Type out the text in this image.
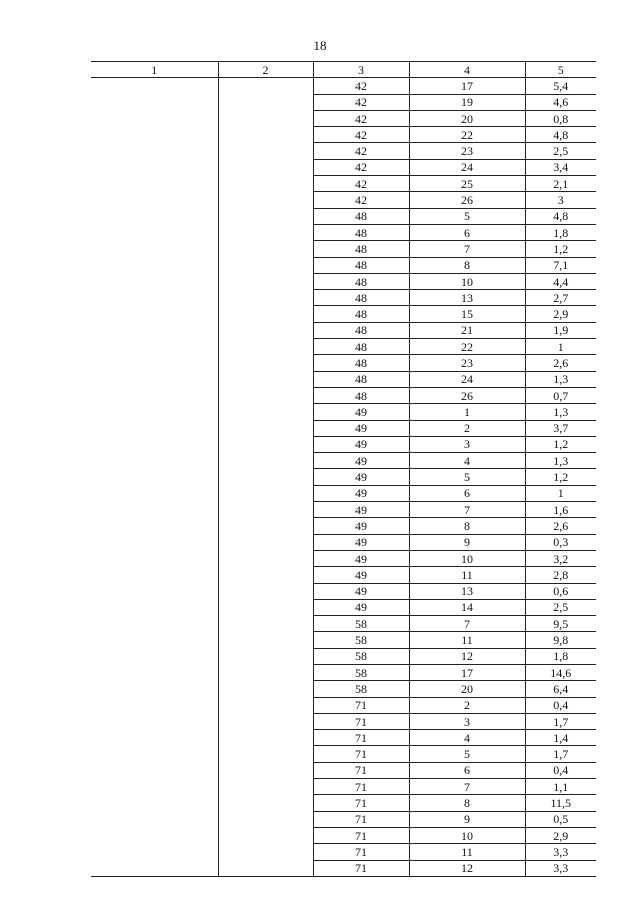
18
1	2	3	4	5
		42	17	5,4
		42	19	4,6
		42	20	0,8
		42	22	4,8
		42	23	2,5
		42	24	3,4
		42	25	2,1
		42	26	3
		48	5	4,8
		48	6	1,8
		48	7	1,2
		48	8	7,1
		48	10	4,4
		48	13	2,7
		48	15	2,9
		48	21	1,9
		48	22	1
		48	23	2,6
		48	24	1,3
		48	26	0,7
		49	1	1,3
		49	2	3,7
		49	3	1,2
		49	4	1,3
		49	5	1,2
		49	6	1
		49	7	1,6
		49	8	2,6
		49	9	0,3
		49	10	3,2
		49	11	2,8
		49	13	0,6
		49	14	2,5
		58	7	9,5
		58	11	9,8
		58	12	1,8
		58	17	14,6
		58	20	6,4
		71	2	0,4
		71	3	1,7
		71	4	1,4
		71	5	1,7
		71	6	0,4
		71	7	1,1
		71	8	11,5
		71	9	0,5
		71	10	2,9
		71	11	3,3
		71	12	3,3
